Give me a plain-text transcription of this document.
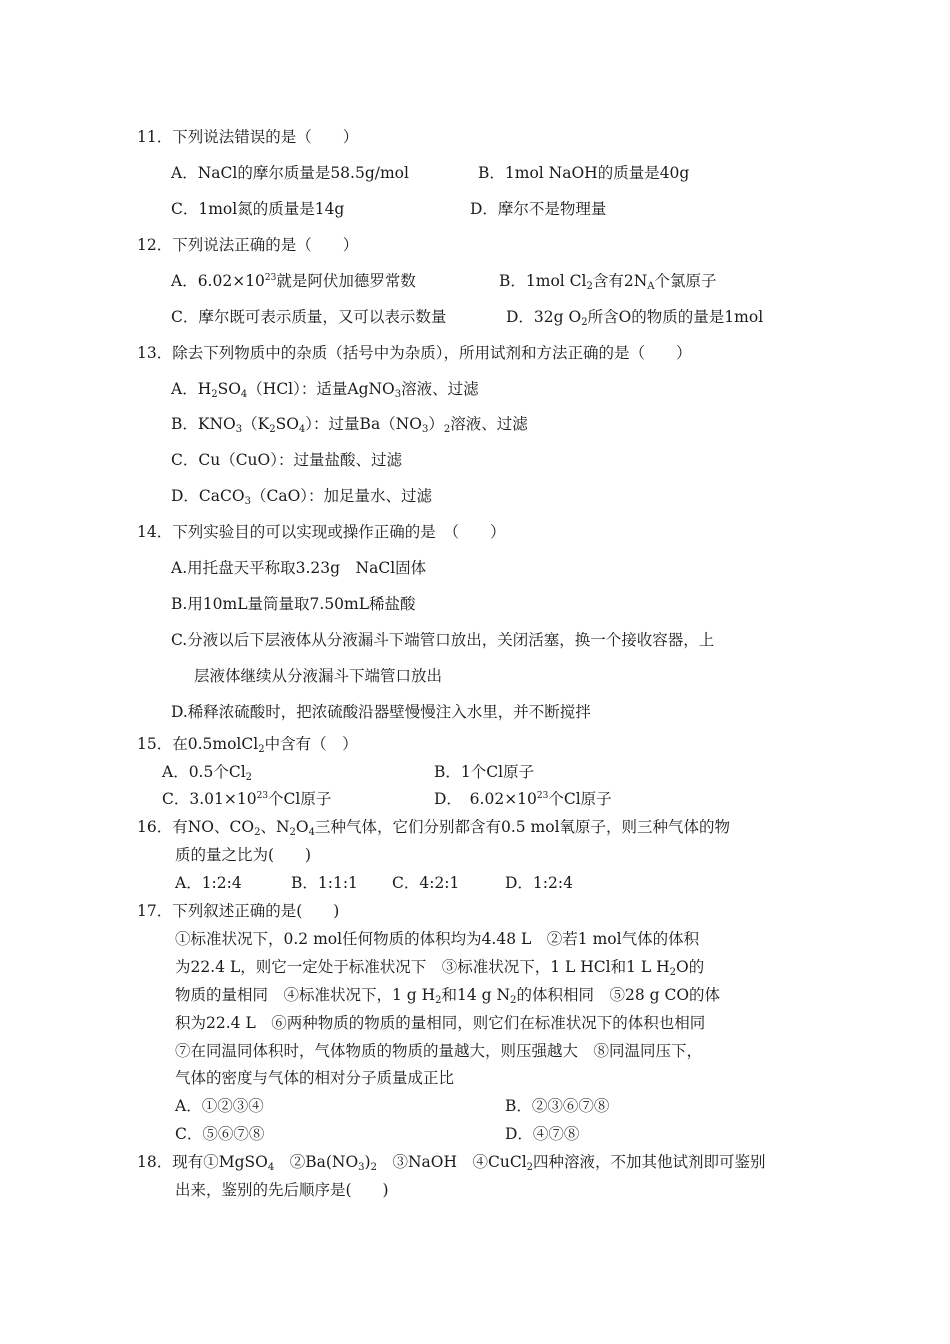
11．下列说法错误的是（　　）
A．NaCl的摩尔质量是58.5g/mol	B．1mol NaOH的质量是40g
C．1mol氮的质量是14g	D．摩尔不是物理量
12．下列说法正确的是（　　）
A．$6.02\times 10^{23}$就是阿伏加德罗常数	B．1mol $Cl_2$含有$2N_A$个氯原子
C．摩尔既可表示质量，又可以表示数量	D．32g $O_2$所含O的物质的量是1mol
13．除去下列物质中的杂质（括号中为杂质），所用试剂和方法正确的是（　　）
A．$H_2SO_4(HCl)$：适量AgNO$_3$溶液、过滤
B．$KNO_3(K_2SO_4)$：过量$Ba(NO_3)_2$溶液、过滤
C．Cu（CuO）：过量盐酸、过滤
D．CaCO$_3$（CaO）：加足量水、过滤
14．下列实验目的可以实现或操作正确的是　（　　）
A.用托盘天平称取3.23g　NaCl固体
B.用10mL量筒量取7.50mL稀盐酸
C.分液以后下层液体从分液漏斗下端管口放出，关闭活塞，换一个接收容器，上
层液体继续从分液漏斗下端管口放出
D.稀释浓硫酸时，把浓硫酸沿器壁慢慢注入水里，并不断搅拌
15．在0.5molCl$_2$中含有（　）
A．0.5个$Cl_2$	B．1个Cl原子
C．$3.01\times 10^{23}$个Cl原子	D．　$6.02\times 10^{23}$个Cl原子
16．有NO、$CO_2$、$N_2O_4$三种气体，它们分别都含有0.5 mol氧原子，则三种气体的物
质的量之比为(　　)
A．1:2:4	B．1:1:1 C．4:2:1	D．1:2:4
17．下列叙述正确的是(　　)
①标准状况下，0.2 mol任何物质的体积均为4.48 L　②若1 mol气体的体积
为22.4 L，则它一定处于标准状况下　③标准状况下，1 L HCl和1 L $H_2O$的
物质的量相同　④标准状况下，1 g $H_2$和14 g $N_2$的体积相同　⑤28 g CO的体
积为22.4 L　⑥两种物质的物质的量相同，则它们在标准状况下的体积也相同
⑦在同温同体积时，气体物质的物质的量越大，则压强越大　⑧同温同压下，
气体的密度与气体的相对分子质量成正比
A．①②③④	B．②③⑥⑦⑧
C．⑤⑥⑦⑧	D．④⑦⑧
18．现有①MgSO$_4$　$②Ba(NO_3)_2$　③NaOH　④CuCl$_2$四种溶液，不加其他试剂即可鉴别
出来，鉴别的先后顺序是(　　)
